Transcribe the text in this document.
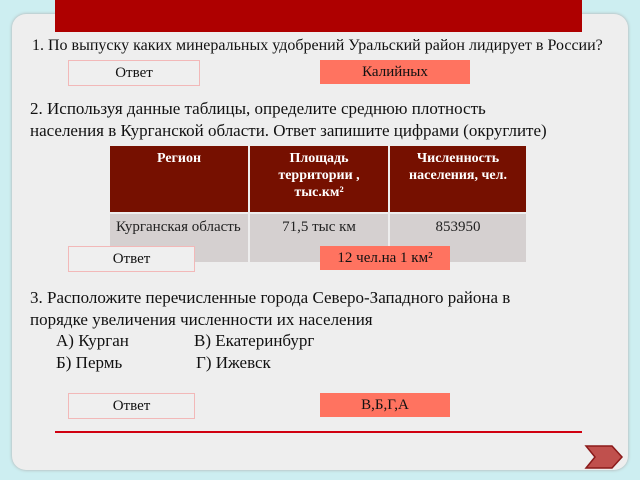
1. По выпуску каких минеральных удобрений Уральский район лидирует в России?
Ответ	Калийных
2. Используя данные таблицы, определите среднюю плотность
населения в Курганской области. Ответ запишите цифрами (округлите)
Регион	Площадь территории , тыс.км²	Численность населения, чел.
Курганская область	71,5 тыс км	853950
Ответ	12 чел.на 1 км²
3. Расположите перечисленные города Северо-Западного района в
порядке увеличения численности их населения
А) Курган	В) Екатеринбург
Б) Пермь	Г) Ижевск
Ответ	В,Б,Г,А
